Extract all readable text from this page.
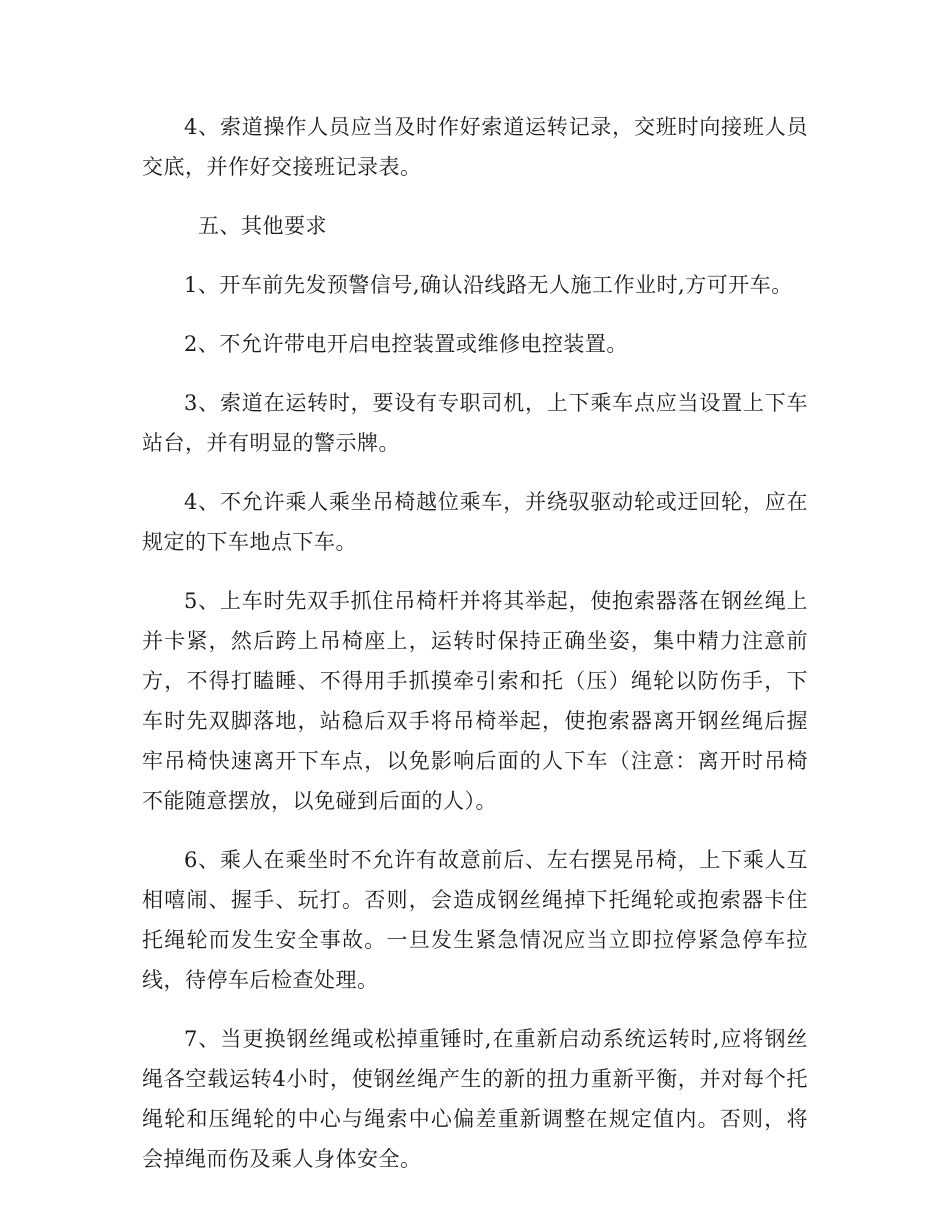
4、索道操作人员应当及时作好索道运转记录，交班时向接班人员交底，并作好交接班记录表。

五、其他要求

1、开车前先发预警信号,确认沿线路无人施工作业时,方可开车。

2、不允许带电开启电控装置或维修电控装置。

3、索道在运转时，要设有专职司机，上下乘车点应当设置上下车站台，并有明显的警示牌。

4、不允许乘人乘坐吊椅越位乘车，并绕驭驱动轮或迂回轮，应在规定的下车地点下车。

5、上车时先双手抓住吊椅杆并将其举起，使抱索器落在钢丝绳上并卡紧，然后跨上吊椅座上，运转时保持正确坐姿，集中精力注意前方，不得打瞌睡、不得用手抓摸牵引索和托（压）绳轮以防伤手，下车时先双脚落地，站稳后双手将吊椅举起，使抱索器离开钢丝绳后握牢吊椅快速离开下车点，以免影响后面的人下车（注意：离开时吊椅不能随意摆放，以免碰到后面的人）。

6、乘人在乘坐时不允许有故意前后、左右摆晃吊椅，上下乘人互相嘻闹、握手、玩打。否则，会造成钢丝绳掉下托绳轮或抱索器卡住托绳轮而发生安全事故。一旦发生紧急情况应当立即拉停紧急停车拉线，待停车后检查处理。

7、当更换钢丝绳或松掉重锤时,在重新启动系统运转时,应将钢丝绳各空载运转4小时，使钢丝绳产生的新的扭力重新平衡，并对每个托绳轮和压绳轮的中心与绳索中心偏差重新调整在规定值内。否则，将会掉绳而伤及乘人身体安全。
